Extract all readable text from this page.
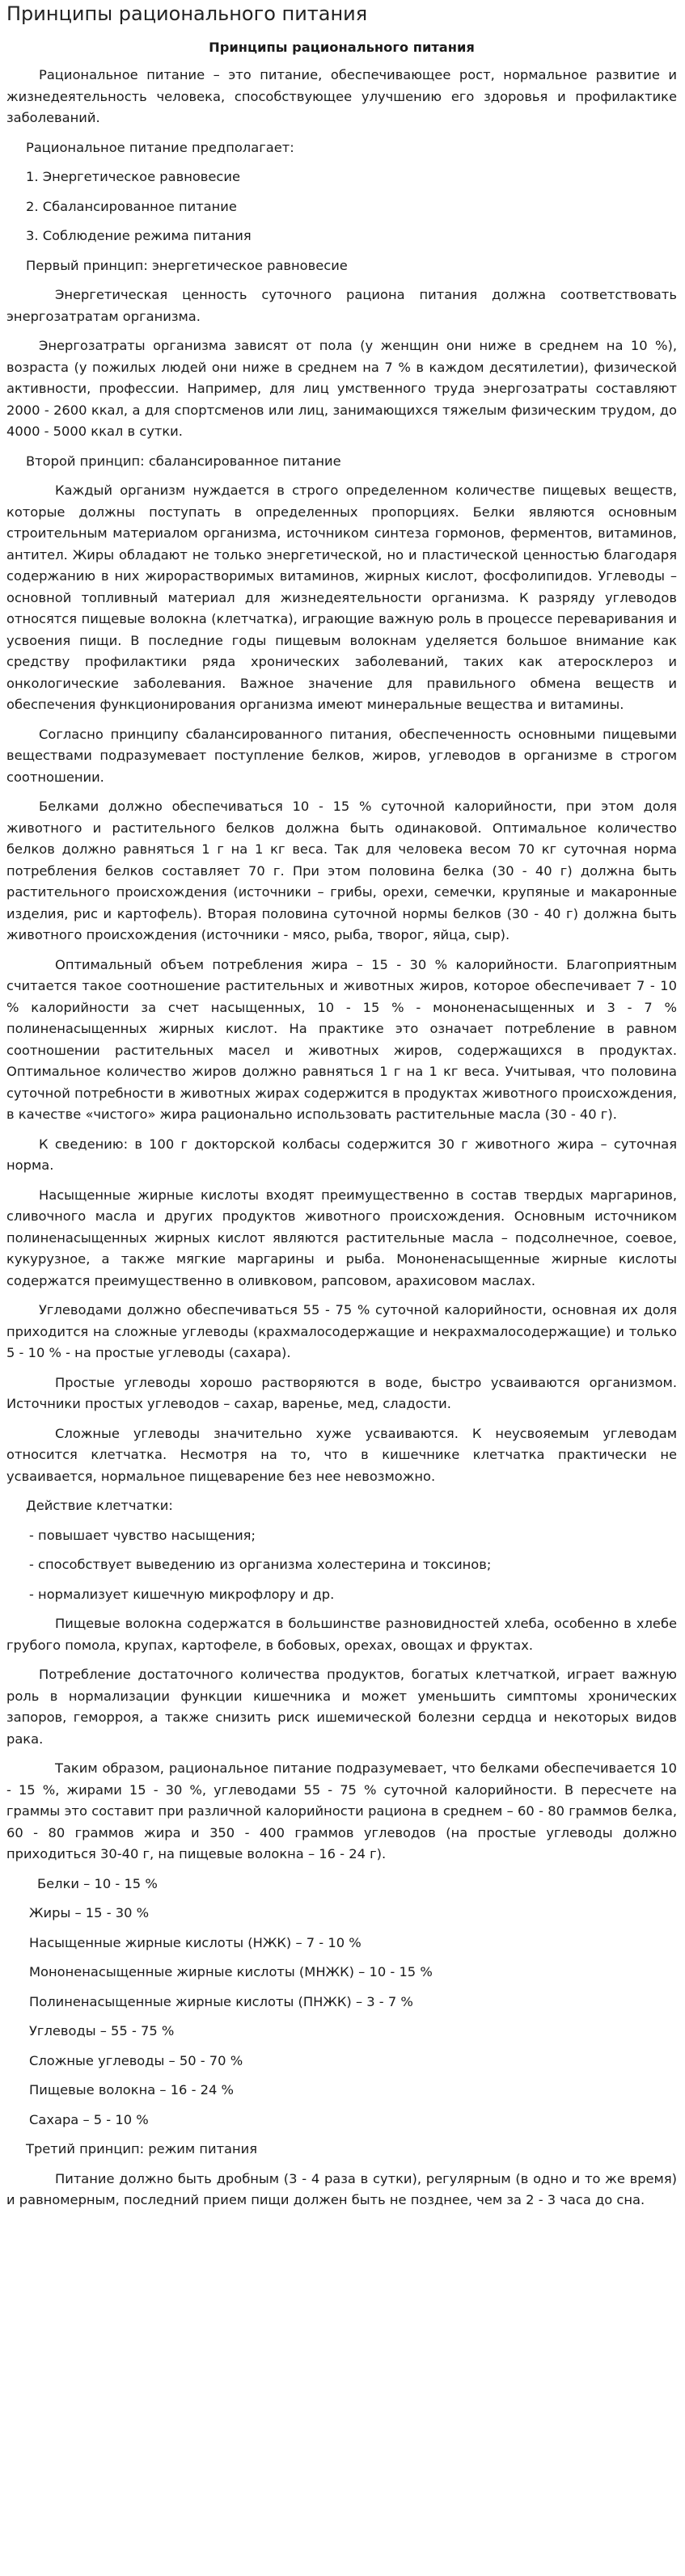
Принципы рационального питания
Принципы рационального питания

Рациональное питание – это питание, обеспечивающее рост, нормальное развитие и жизнедеятельность человека, способствующее улучшению его здоровья и профилактике заболеваний.

Рациональное питание предполагает:

1. Энергетическое равновесие

2. Сбалансированное питание

3. Соблюдение режима питания

Первый принцип: энергетическое равновесие

Энергетическая ценность суточного рациона питания должна соответствовать энергозатратам организма.

Энергозатраты организма зависят от пола (у женщин они ниже в среднем на 10 %), возраста (у пожилых людей они ниже в среднем на 7 % в каждом десятилетии), физической активности, профессии. Например, для лиц умственного труда энергозатраты составляют 2000 - 2600 ккал, а для спортсменов или лиц, занимающихся тяжелым физическим трудом, до 4000 - 5000 ккал в сутки.

Второй принцип: сбалансированное питание

Каждый организм нуждается в строго определенном количестве пищевых веществ, которые должны поступать в определенных пропорциях. Белки являются основным строительным материалом организма, источником синтеза гормонов, ферментов, витаминов, антител. Жиры обладают не только энергетической, но и пластической ценностью благодаря содержанию в них жирорастворимых витаминов, жирных кислот, фосфолипидов. Углеводы – основной топливный материал для жизнедеятельности организма. К разряду углеводов относятся пищевые волокна (клетчатка), играющие важную роль в процессе переваривания и усвоения пищи. В последние годы пищевым волокнам уделяется большое внимание как средству профилактики ряда хронических заболеваний, таких как атеросклероз и онкологические заболевания. Важное значение для правильного обмена веществ и обеспечения функционирования организма имеют минеральные вещества и витамины.

Согласно принципу сбалансированного питания, обеспеченность основными пищевыми веществами подразумевает поступление белков, жиров, углеводов в организме в строгом соотношении.

Белками должно обеспечиваться 10 - 15 % суточной калорийности, при этом доля животного и растительного белков должна быть одинаковой. Оптимальное количество белков должно равняться 1 г на 1 кг веса. Так для человека весом 70 кг суточная норма потребления белков составляет 70 г. При этом половина белка (30 - 40 г) должна быть растительного происхождения (источники – грибы, орехи, семечки, крупяные и макаронные изделия, рис и картофель). Вторая половина суточной нормы белков (30 - 40 г) должна быть животного происхождения (источники - мясо, рыба, творог, яйца, сыр).

Оптимальный объем потребления жира – 15 - 30 % калорийности. Благоприятным считается такое соотношение растительных и животных жиров, которое обеспечивает 7 - 10 % калорийности за счет насыщенных, 10 - 15 % - мононенасыщенных и 3 - 7 % полиненасыщенных жирных кислот. На практике это означает потребление в равном соотношении растительных масел и животных жиров, содержащихся в продуктах. Оптимальное количество жиров должно равняться 1 г на 1 кг веса. Учитывая, что половина суточной потребности в животных жирах содержится в продуктах животного происхождения, в качестве «чистого» жира рационально использовать растительные масла (30 - 40 г).

К сведению: в 100 г докторской колбасы содержится 30 г животного жира – суточная норма.

Насыщенные жирные кислоты входят преимущественно в состав твердых маргаринов, сливочного масла и других продуктов животного происхождения. Основным источником полиненасыщенных жирных кислот являются растительные масла – подсолнечное, соевое, кукурузное, а также мягкие маргарины и рыба. Мононенасыщенные жирные кислоты содержатся преимущественно в оливковом, рапсовом, арахисовом маслах.

Углеводами должно обеспечиваться 55 - 75 % суточной калорийности, основная их доля приходится на сложные углеводы (крахмалосодержащие и некрахмалосодержащие) и только 5 - 10 % - на простые углеводы (сахара).

Простые углеводы хорошо растворяются в воде, быстро усваиваются организмом. Источники простых углеводов – сахар, варенье, мед, сладости.

Сложные углеводы значительно хуже усваиваются. К неусвояемым углеводам относится клетчатка. Несмотря на то, что в кишечнике клетчатка практически не усваивается, нормальное пищеварение без нее невозможно.

Действие клетчатки:

- повышает чувство насыщения;

- способствует выведению из организма холестерина и токсинов;

- нормализует кишечную микрофлору и др.

Пищевые волокна содержатся в большинстве разновидностей хлеба, особенно в хлебе грубого помола, крупах, картофеле, в бобовых, орехах, овощах и фруктах.

Потребление достаточного количества продуктов, богатых клетчаткой, играет важную роль в нормализации функции кишечника и может уменьшить симптомы хронических запоров, геморроя, а также снизить риск ишемической болезни сердца и некоторых видов рака.

Таким образом, рациональное питание подразумевает, что белками обеспечивается 10 - 15 %, жирами 15 - 30 %, углеводами 55 - 75 % суточной калорийности. В пересчете на граммы это составит при различной калорийности рациона в среднем – 60 - 80 граммов белка, 60 - 80 граммов жира и 350 - 400 граммов углеводов (на простые углеводы должно приходиться 30-40 г, на пищевые волокна – 16 - 24 г).

Белки – 10 - 15 %

Жиры – 15 - 30 %

Насыщенные жирные кислоты (НЖК) – 7 - 10 %

Мононенасыщенные жирные кислоты (МНЖК) – 10 - 15 %

Полиненасыщенные жирные кислоты (ПНЖК) – 3 - 7 %

Углеводы – 55 - 75 %

Сложные углеводы – 50 - 70 %

Пищевые волокна – 16 - 24 %

Сахара – 5 - 10 %

Третий принцип: режим питания

Питание должно быть дробным (3 - 4 раза в сутки), регулярным (в одно и то же время) и равномерным, последний прием пищи должен быть не позднее, чем за 2 - 3 часа до сна.
